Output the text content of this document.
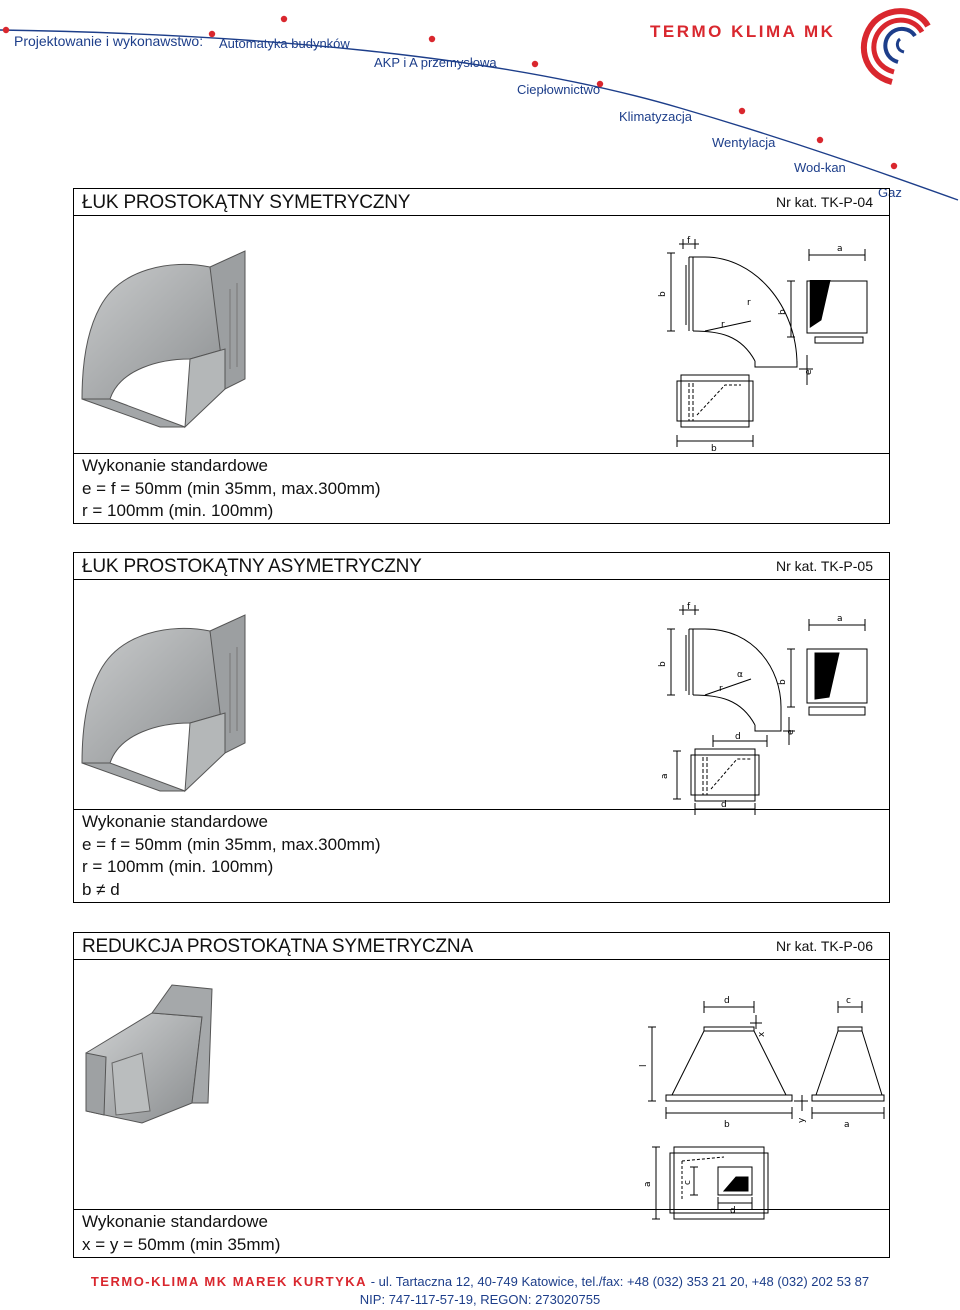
Projektowanie i wykonawstwo: Automatyka budynków
AKP i A przemysłowa
Ciepłownictwo
Klimatyzacja
Wentylacja
Wod-kan
Gaz
TERMO KLIMA MK
ŁUK PROSTOKĄTNY SYMETRYCZNY	Nr kat. TK-P-04
f
b
r
r
e
a
b
b
Wykonanie standardowe
e = f = 50mm (min 35mm, max.300mm)
r = 100mm (min. 100mm)
ŁUK PROSTOKĄTNY ASYMETRYCZNY	Nr kat. TK-P-05
f
b
r
α
e
d
a
b
a
d
Wykonanie standardowe
e = f = 50mm (min 35mm, max.300mm)
r = 100mm (min. 100mm)
b ≠ d
REDUKCJA PROSTOKĄTNA SYMETRYCZNA	Nr kat. TK-P-06
d	c
x
l
y
b	a
a	c
d
Wykonanie standardowe
x = y = 50mm (min 35mm)
TERMO-KLIMA MK MAREK KURTYKA - ul. Tartaczna 12, 40-749 Katowice, tel./fax: +48 (032) 353 21 20, +48 (032) 202 53 87
NIP: 747-117-57-19, REGON: 273020755
